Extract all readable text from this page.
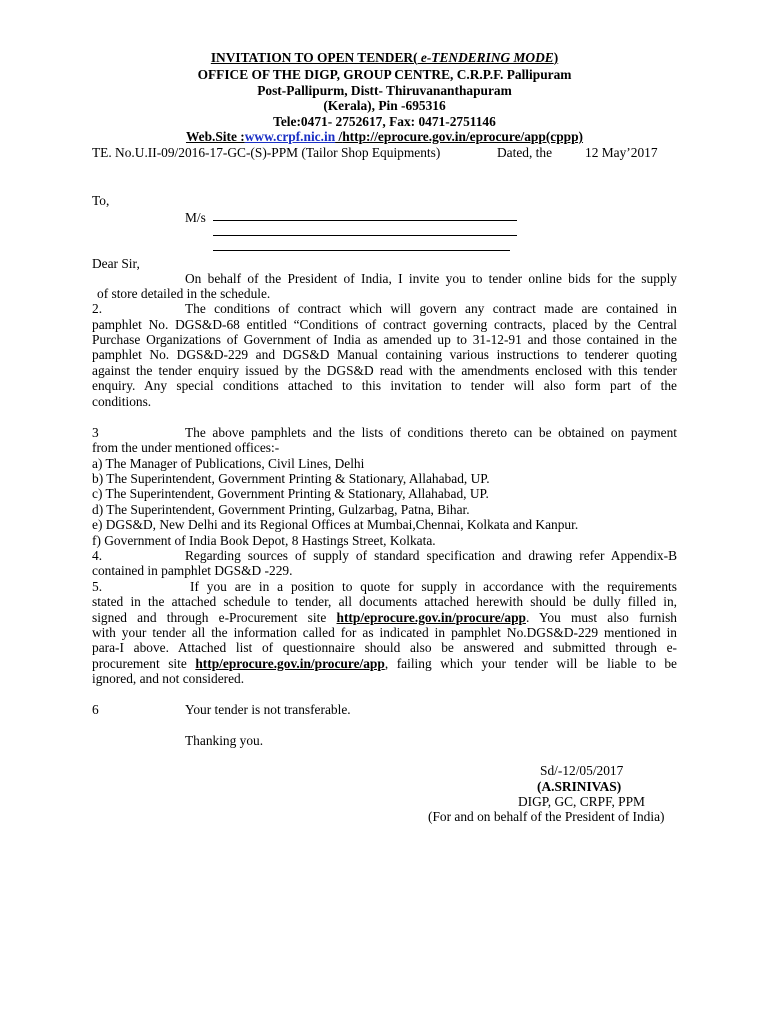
INVITATION TO OPEN TENDER( e-TENDERING MODE)
OFFICE OF THE DIGP, GROUP CENTRE, C.R.P.F. Pallipuram
Post-Pallipurm, Distt- Thiruvananthapuram
(Kerala), Pin -695316
Tele:0471- 2752617, Fax: 0471-2751146
Web.Site :www.crpf.nic.in /http://eprocure.gov.in/eprocure/app(cppp)
TE. No.U.II-09/2016-17-GC-(S)-PPM (Tailor Shop Equipments)	Dated, the 12 May’2017
To,
M/s
Dear Sir,
On behalf of the President of India, I invite you to tender online bids for the supply
of store detailed in the schedule.
2.	The conditions of contract which will govern any contract made are contained in
pamphlet No. DGS&D-68 entitled “Conditions of contract governing contracts, placed by the Central
Purchase Organizations of Government of India as amended up to 31-12-91 and those contained in the
pamphlet No. DGS&D-229 and DGS&D Manual containing various instructions to tenderer quoting
against the tender enquiry issued by the DGS&D read with the amendments enclosed with this tender
enquiry. Any special conditions attached to this invitation to tender will also form part of the
conditions.
3	The above pamphlets and the lists of conditions thereto can be obtained on payment
from the under mentioned offices:-
a) The Manager of Publications, Civil Lines, Delhi
b) The Superintendent, Government Printing & Stationary, Allahabad, UP.
c) The Superintendent, Government Printing & Stationary, Allahabad, UP.
d) The Superintendent, Government Printing, Gulzarbag, Patna, Bihar.
e) DGS&D, New Delhi and its Regional Offices at Mumbai,Chennai, Kolkata and Kanpur.
f) Government of India Book Depot, 8 Hastings Street, Kolkata.
4.	Regarding sources of supply of standard specification and drawing refer Appendix-B
contained in pamphlet DGS&D -229.
5.	If you are in a position to quote for supply in accordance with the requirements
stated in the attached schedule to tender, all documents attached herewith should be dully filled in,
signed and through e-Procurement site http/eprocure.gov.in/procure/app. You must also furnish
with your tender all the information called for as indicated in pamphlet No.DGS&D-229 mentioned in
para-I above. Attached list of questionnaire should also be answered and submitted through e-
procurement site http/eprocure.gov.in/procure/app, failing which your tender will be liable to be
ignored, and not considered.
6	Your tender is not transferable.
Thanking you.
Sd/-12/05/2017
(A.SRINIVAS)
DIGP, GC, CRPF, PPM
(For and on behalf of the President of India)
